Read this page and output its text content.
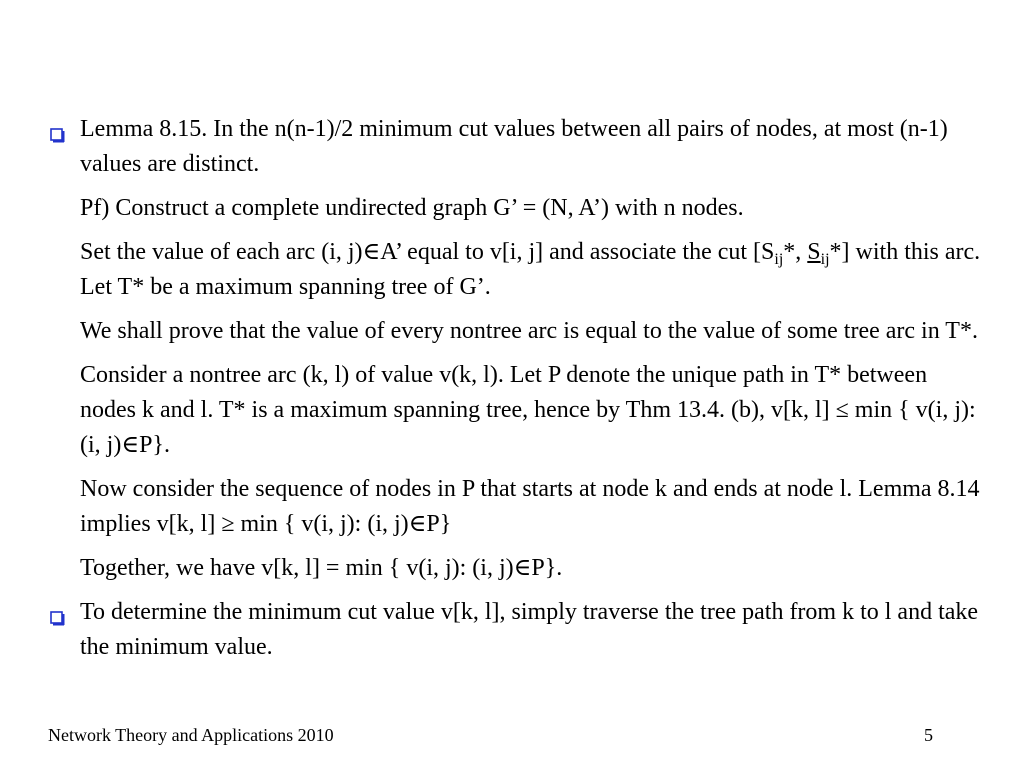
Lemma 8.15. In the n(n-1)/2 minimum cut values between all pairs of nodes, at most (n-1) values are distinct.
Pf) Construct a complete undirected graph G’ = (N, A’) with n nodes.
Set the value of each arc (i, j)∈A’ equal to v[i, j] and associate the cut [$S_{ij}*$, $S_{ij}*$] with this arc. Let T* be a maximum spanning tree of G’.
We shall prove that the value of every nontree arc is equal to the value of some tree arc in T*.
Consider a nontree arc (k, l) of value v(k, l). Let P denote the unique path in T* between nodes k and l. T* is a maximum spanning tree, hence by Thm 13.4. (b), v[k, l] ≤ min { v(i, j): (i, j)∈P}.
Now consider the sequence of nodes in P that starts at node k and ends at node l. Lemma 8.14 implies v[k, l] ≥ min { v(i, j): (i, j)∈P}
Together, we have v[k, l] = min { v(i, j): (i, j)∈P}.
To determine the minimum cut value v[k, l], simply traverse the tree path from k to l and take the minimum value.
Network Theory and Applications 2010	5
